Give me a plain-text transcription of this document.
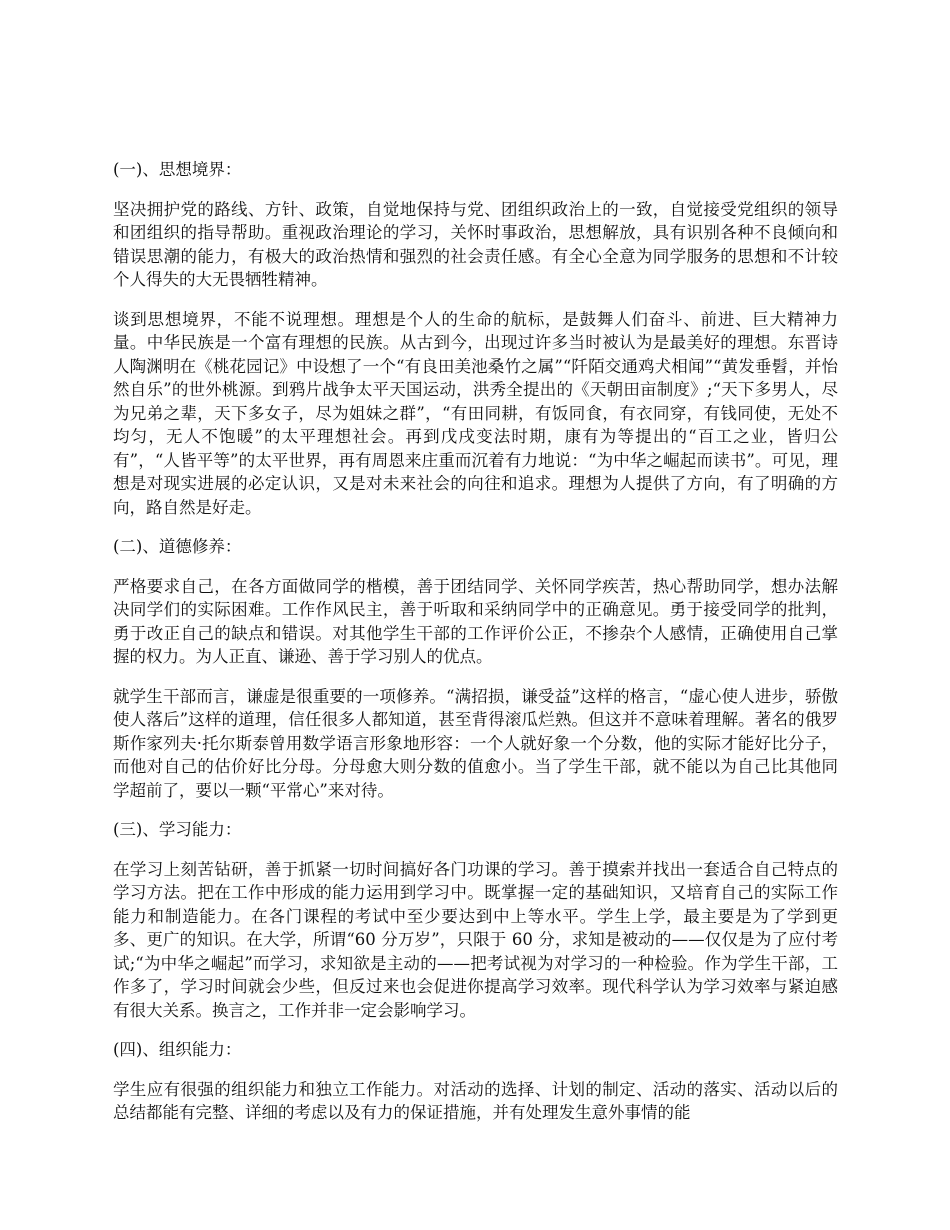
(一)、思想境界：

坚决拥护党的路线、方针、政策，自觉地保持与党、团组织政治上的一致，自觉接受党组织的领导和团组织的指导帮助。重视政治理论的学习，关怀时事政治，思想解放，具有识别各种不良倾向和错误思潮的能力，有极大的政治热情和强烈的社会责任感。有全心全意为同学服务的思想和不计较个人得失的大无畏牺牲精神。

谈到思想境界，不能不说理想。理想是个人的生命的航标，是鼓舞人们奋斗、前进、巨大精神力量。中华民族是一个富有理想的民族。从古到今，出现过许多当时被认为是最美好的理想。东晋诗人陶渊明在《桃花园记》中设想了一个“有良田美池桑竹之属”“阡陌交通鸡犬相闻”“黄发垂髫，并怡然自乐”的世外桃源。到鸦片战争太平天国运动，洪秀全提出的《天朝田亩制度》;“天下多男人，尽为兄弟之辈，天下多女子，尽为姐妹之群”，“有田同耕，有饭同食，有衣同穿，有钱同使，无处不均匀，无人不饱暖”的太平理想社会。再到戊戌变法时期，康有为等提出的“百工之业，皆归公有”，“人皆平等”的太平世界，再有周恩来庄重而沉着有力地说：“为中华之崛起而读书”。可见，理想是对现实进展的必定认识，又是对未来社会的向往和追求。理想为人提供了方向，有了明确的方向，路自然是好走。

(二)、道德修养：

严格要求自己，在各方面做同学的楷模，善于团结同学、关怀同学疾苦，热心帮助同学，想办法解决同学们的实际困难。工作作风民主，善于听取和采纳同学中的正确意见。勇于接受同学的批判，勇于改正自己的缺点和错误。对其他学生干部的工作评价公正，不掺杂个人感情，正确使用自己掌握的权力。为人正直、谦逊、善于学习别人的优点。

就学生干部而言，谦虚是很重要的一项修养。“满招损，谦受益”这样的格言，“虚心使人进步，骄傲使人落后”这样的道理，信任很多人都知道，甚至背得滚瓜烂熟。但这并不意味着理解。著名的俄罗斯作家列夫·托尔斯泰曾用数学语言形象地形容：一个人就好象一个分数，他的实际才能好比分子，而他对自己的估价好比分母。分母愈大则分数的值愈小。当了学生干部，就不能以为自己比其他同学超前了，要以一颗“平常心”来对待。

(三)、学习能力：

在学习上刻苦钻研，善于抓紧一切时间搞好各门功课的学习。善于摸索并找出一套适合自己特点的学习方法。把在工作中形成的能力运用到学习中。既掌握一定的基础知识，又培育自己的实际工作能力和制造能力。在各门课程的考试中至少要达到中上等水平。学生上学，最主要是为了学到更多、更广的知识。在大学，所谓“60 分万岁”，只限于 60 分，求知是被动的——仅仅是为了应付考试;“为中华之崛起”而学习，求知欲是主动的——把考试视为对学习的一种检验。作为学生干部，工作多了，学习时间就会少些，但反过来也会促进你提高学习效率。现代科学认为学习效率与紧迫感有很大关系。换言之，工作并非一定会影响学习。

(四)、组织能力：

学生应有很强的组织能力和独立工作能力。对活动的选择、计划的制定、活动的落实、活动以后的总结都能有完整、详细的考虑以及有力的保证措施，并有处理发生意外事情的能
